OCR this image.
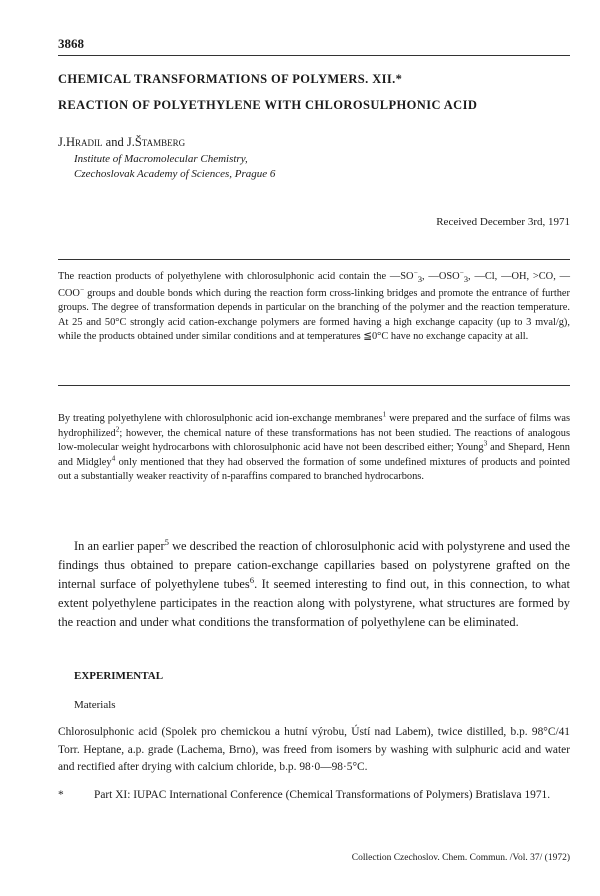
3868
CHEMICAL TRANSFORMATIONS OF POLYMERS. XII.*
REACTION OF POLYETHYLENE WITH CHLOROSULPHONIC ACID
J.Hradil and J.Štamberg
Institute of Macromolecular Chemistry,
Czechoslovak Academy of Sciences, Prague 6
Received December 3rd, 1971
The reaction products of polyethylene with chlorosulphonic acid contain the $—SO^-_3$, $—OSO^-_3$, —Cl, —OH, >CO, —COO− groups and double bonds which during the reaction form cross-linking bridges and promote the entrance of further groups. The degree of transformation depends in particular on the branching of the polymer and the reaction temperature. At 25 and 50°C strongly acid cation-exchange polymers are formed having a high exchange capacity (up to 3 mval/g), while the products obtained under similar conditions and at temperatures ≦0°C have no exchange capacity at all.
By treating polyethylene with chlorosulphonic acid ion-exchange membranes$^1$ were prepared and the surface of films was hydrophilized$^2$; however, the chemical nature of these transformations has not been studied. The reactions of analogous low-molecular weight hydrocarbons with chlorosulphonic acid have not been described either; Young$^3$ and Shepard, Henn and Midgley$^4$ only mentioned that they had observed the formation of some undefined mixtures of products and pointed out a substantially weaker reactivity of n-paraffins compared to branched hydrocarbons.
In an earlier paper$^5$ we described the reaction of chlorosulphonic acid with polystyrene and used the findings thus obtained to prepare cation-exchange capillaries based on polystyrene grafted on the internal surface of polyethylene tubes$^6$. It seemed interesting to find out, in this connection, to what extent polyethylene participates in the reaction along with polystyrene, what structures are formed by the reaction and under what conditions the transformation of polyethylene can be eliminated.
EXPERIMENTAL
Materials
Chlorosulphonic acid (Spolek pro chemickou a hutní výrobu, Ústí nad Labem), twice distilled, b.p. 98°C/41 Torr. Heptane, a.p. grade (Lachema, Brno), was freed from isomers by washing with sulphuric acid and water and rectified after drying with calcium chloride, b.p. 98·0—98·5°C.
*	Part XI: IUPAC International Conference (Chemical Transformations of Polymers) Bratislava 1971.
Collection Czechoslov. Chem. Commun. /Vol. 37/ (1972)
